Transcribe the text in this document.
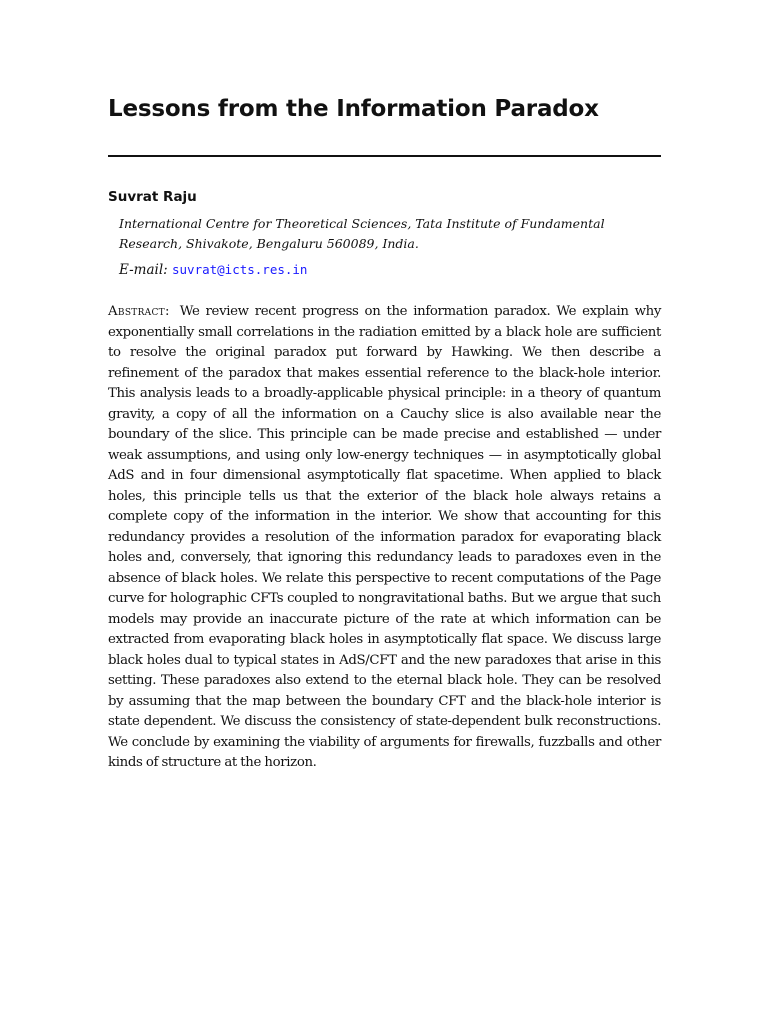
Lessons from the Information Paradox
Suvrat Raju
International Centre for Theoretical Sciences, Tata Institute of Fundamental Research, Shivakote, Bengaluru 560089, India.
E-mail: suvrat@icts.res.in

Abstract: We review recent progress on the information paradox. We explain why exponentially small correlations in the radiation emitted by a black hole are sufficient to resolve the original paradox put forward by Hawking. We then describe a refinement of the paradox that makes essential reference to the black-hole interior. This analysis leads to a broadly-applicable physical principle: in a theory of quantum gravity, a copy of all the information on a Cauchy slice is also available near the boundary of the slice. This principle can be made precise and established — under weak assumptions, and using only low-energy techniques — in asymptotically global AdS and in four dimensional asymptotically flat spacetime. When applied to black holes, this principle tells us that the exterior of the black hole always retains a complete copy of the information in the interior. We show that accounting for this redundancy provides a resolution of the information paradox for evaporating black holes and, conversely, that ignoring this redundancy leads to paradoxes even in the absence of black holes. We relate this perspective to recent computations of the Page curve for holographic CFTs coupled to nongravitational baths. But we argue that such models may provide an inaccurate picture of the rate at which information can be extracted from evaporating black holes in asymptotically flat space. We discuss large black holes dual to typical states in AdS/CFT and the new paradoxes that arise in this setting. These paradoxes also extend to the eternal black hole. They can be resolved by assuming that the map between the boundary CFT and the black-hole interior is state dependent. We discuss the consistency of state-dependent bulk reconstructions. We conclude by examining the viability of arguments for firewalls, fuzzballs and other kinds of structure at the horizon.
